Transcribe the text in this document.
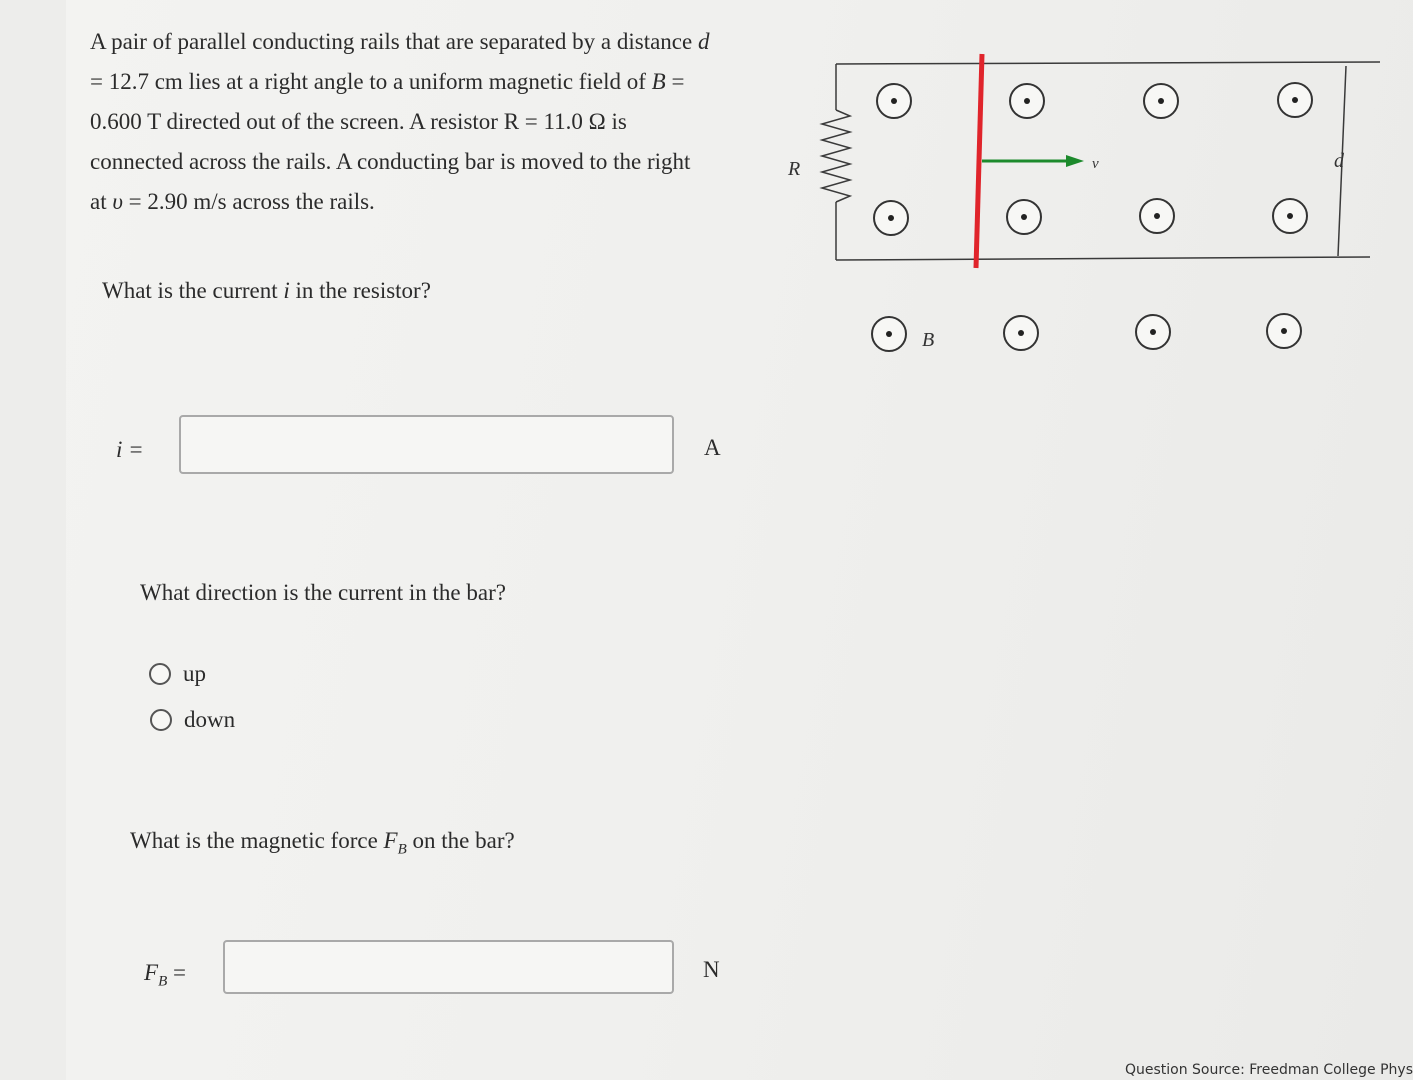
A pair of parallel conducting rails that are separated by a distance d = 12.7 cm lies at a right angle to a uniform magnetic field of B = 0.600 T directed out of the screen. A resistor R = 11.0 Ω is connected across the rails. A conducting bar is moved to the right at υ = 2.90 m/s across the rails.
What is the current i in the resistor?
i =	A
What direction is the current in the bar?
up
down
What is the magnetic force $F_B$ on the bar?
$F_B$ =	N
R	d
v
B
Question Source: Freedman College Phys
